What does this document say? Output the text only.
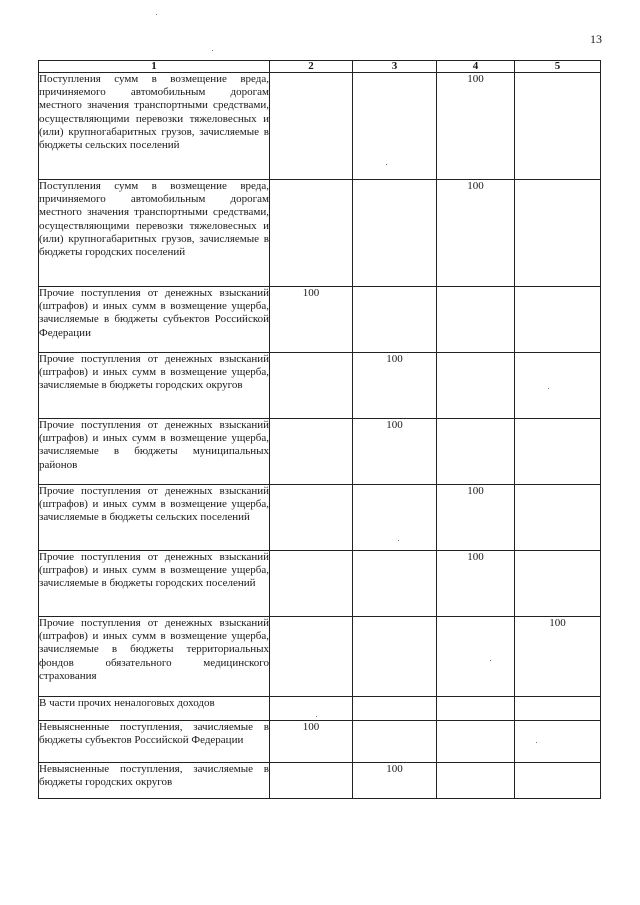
13
1	2	3	4	5
Поступления сумм в возмещение вреда, причиняемого автомобильным дорогам местного значения транспортными средствами, осуществляющими перевозки тяжеловесных и (или) крупногабаритных грузов, зачисляемые в бюджеты сельских поселений			100	
Поступления сумм в возмещение вреда, причиняемого автомобильным дорогам местного значения транспортными средствами, осуществляющими перевозки тяжеловесных и (или) крупногабаритных грузов, зачисляемые в бюджеты городских поселений			100	
Прочие поступления от денежных взысканий (штрафов) и иных сумм в возмещение ущерба, зачисляемые в бюджеты субъектов Российской Федерации	100			
Прочие поступления от денежных взысканий (штрафов) и иных сумм в возмещение ущерба, зачисляемые в бюджеты городских округов		100		
Прочие поступления от денежных взысканий (штрафов) и иных сумм в возмещение ущерба, зачисляемые в бюджеты муниципальных районов		100		
Прочие поступления от денежных взысканий (штрафов) и иных сумм в возмещение ущерба, зачисляемые в бюджеты сельских поселений			100	
Прочие поступления от денежных взысканий (штрафов) и иных сумм в возмещение ущерба, зачисляемые в бюджеты городских поселений			100	
Прочие поступления от денежных взысканий (штрафов) и иных сумм в возмещение ущерба, зачисляемые в бюджеты территориальных фондов обязательного медицинского страхования				100
В части прочих неналоговых доходов				
Невыясненные поступления, зачисляемые в бюджеты субъектов Российской Федерации	100			
Невыясненные поступления, зачисляемые в бюджеты городских округов		100		
